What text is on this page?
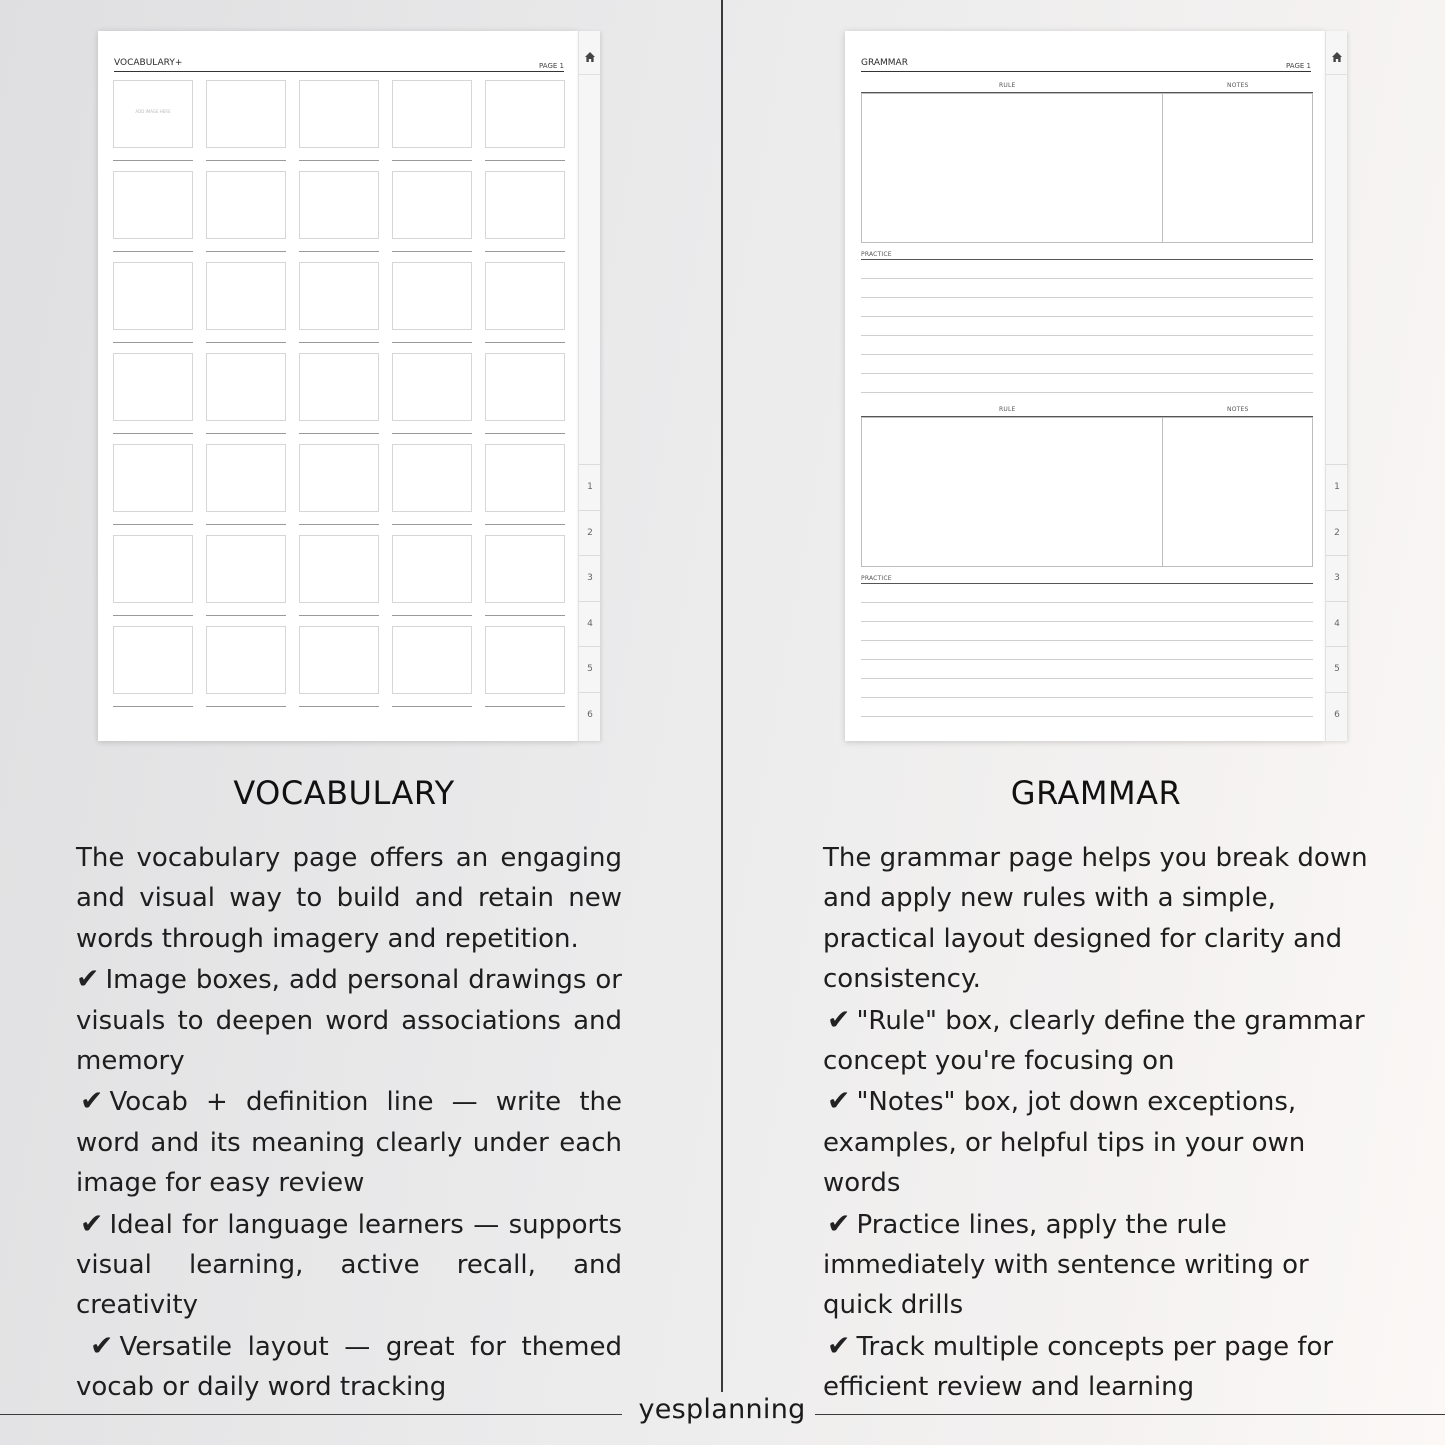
VOCABULARY+	PAGE 1
ADD IMAGE HERE
1
2
3
4
5
6
GRAMMAR	PAGE 1
RULE	NOTES
PRACTICE
RULE	NOTES
PRACTICE
1
2
3
4
5
6
VOCABULARY

The vocabulary page offers an engaging and visual way to build and retain new words through imagery and repetition.

✔ Image boxes, add personal drawings or visuals to deepen word associations and memory

✔ Vocab + definition line — write the word and its meaning clearly under each image for easy review

✔ Ideal for language learners — supports visual learning, active recall, and creativity

✔ Versatile layout — great for themed vocab or daily word tracking

GRAMMAR

The grammar page helps you break down and apply new rules with a simple, practical layout designed for clarity and consistency.

✔ "Rule" box, clearly define the grammar concept you're focusing on

✔ "Notes" box, jot down exceptions, examples, or helpful tips in your own words

✔ Practice lines, apply the rule immediately with sentence writing or quick drills

✔ Track multiple concepts per page for efficient review and learning

yesplanning
